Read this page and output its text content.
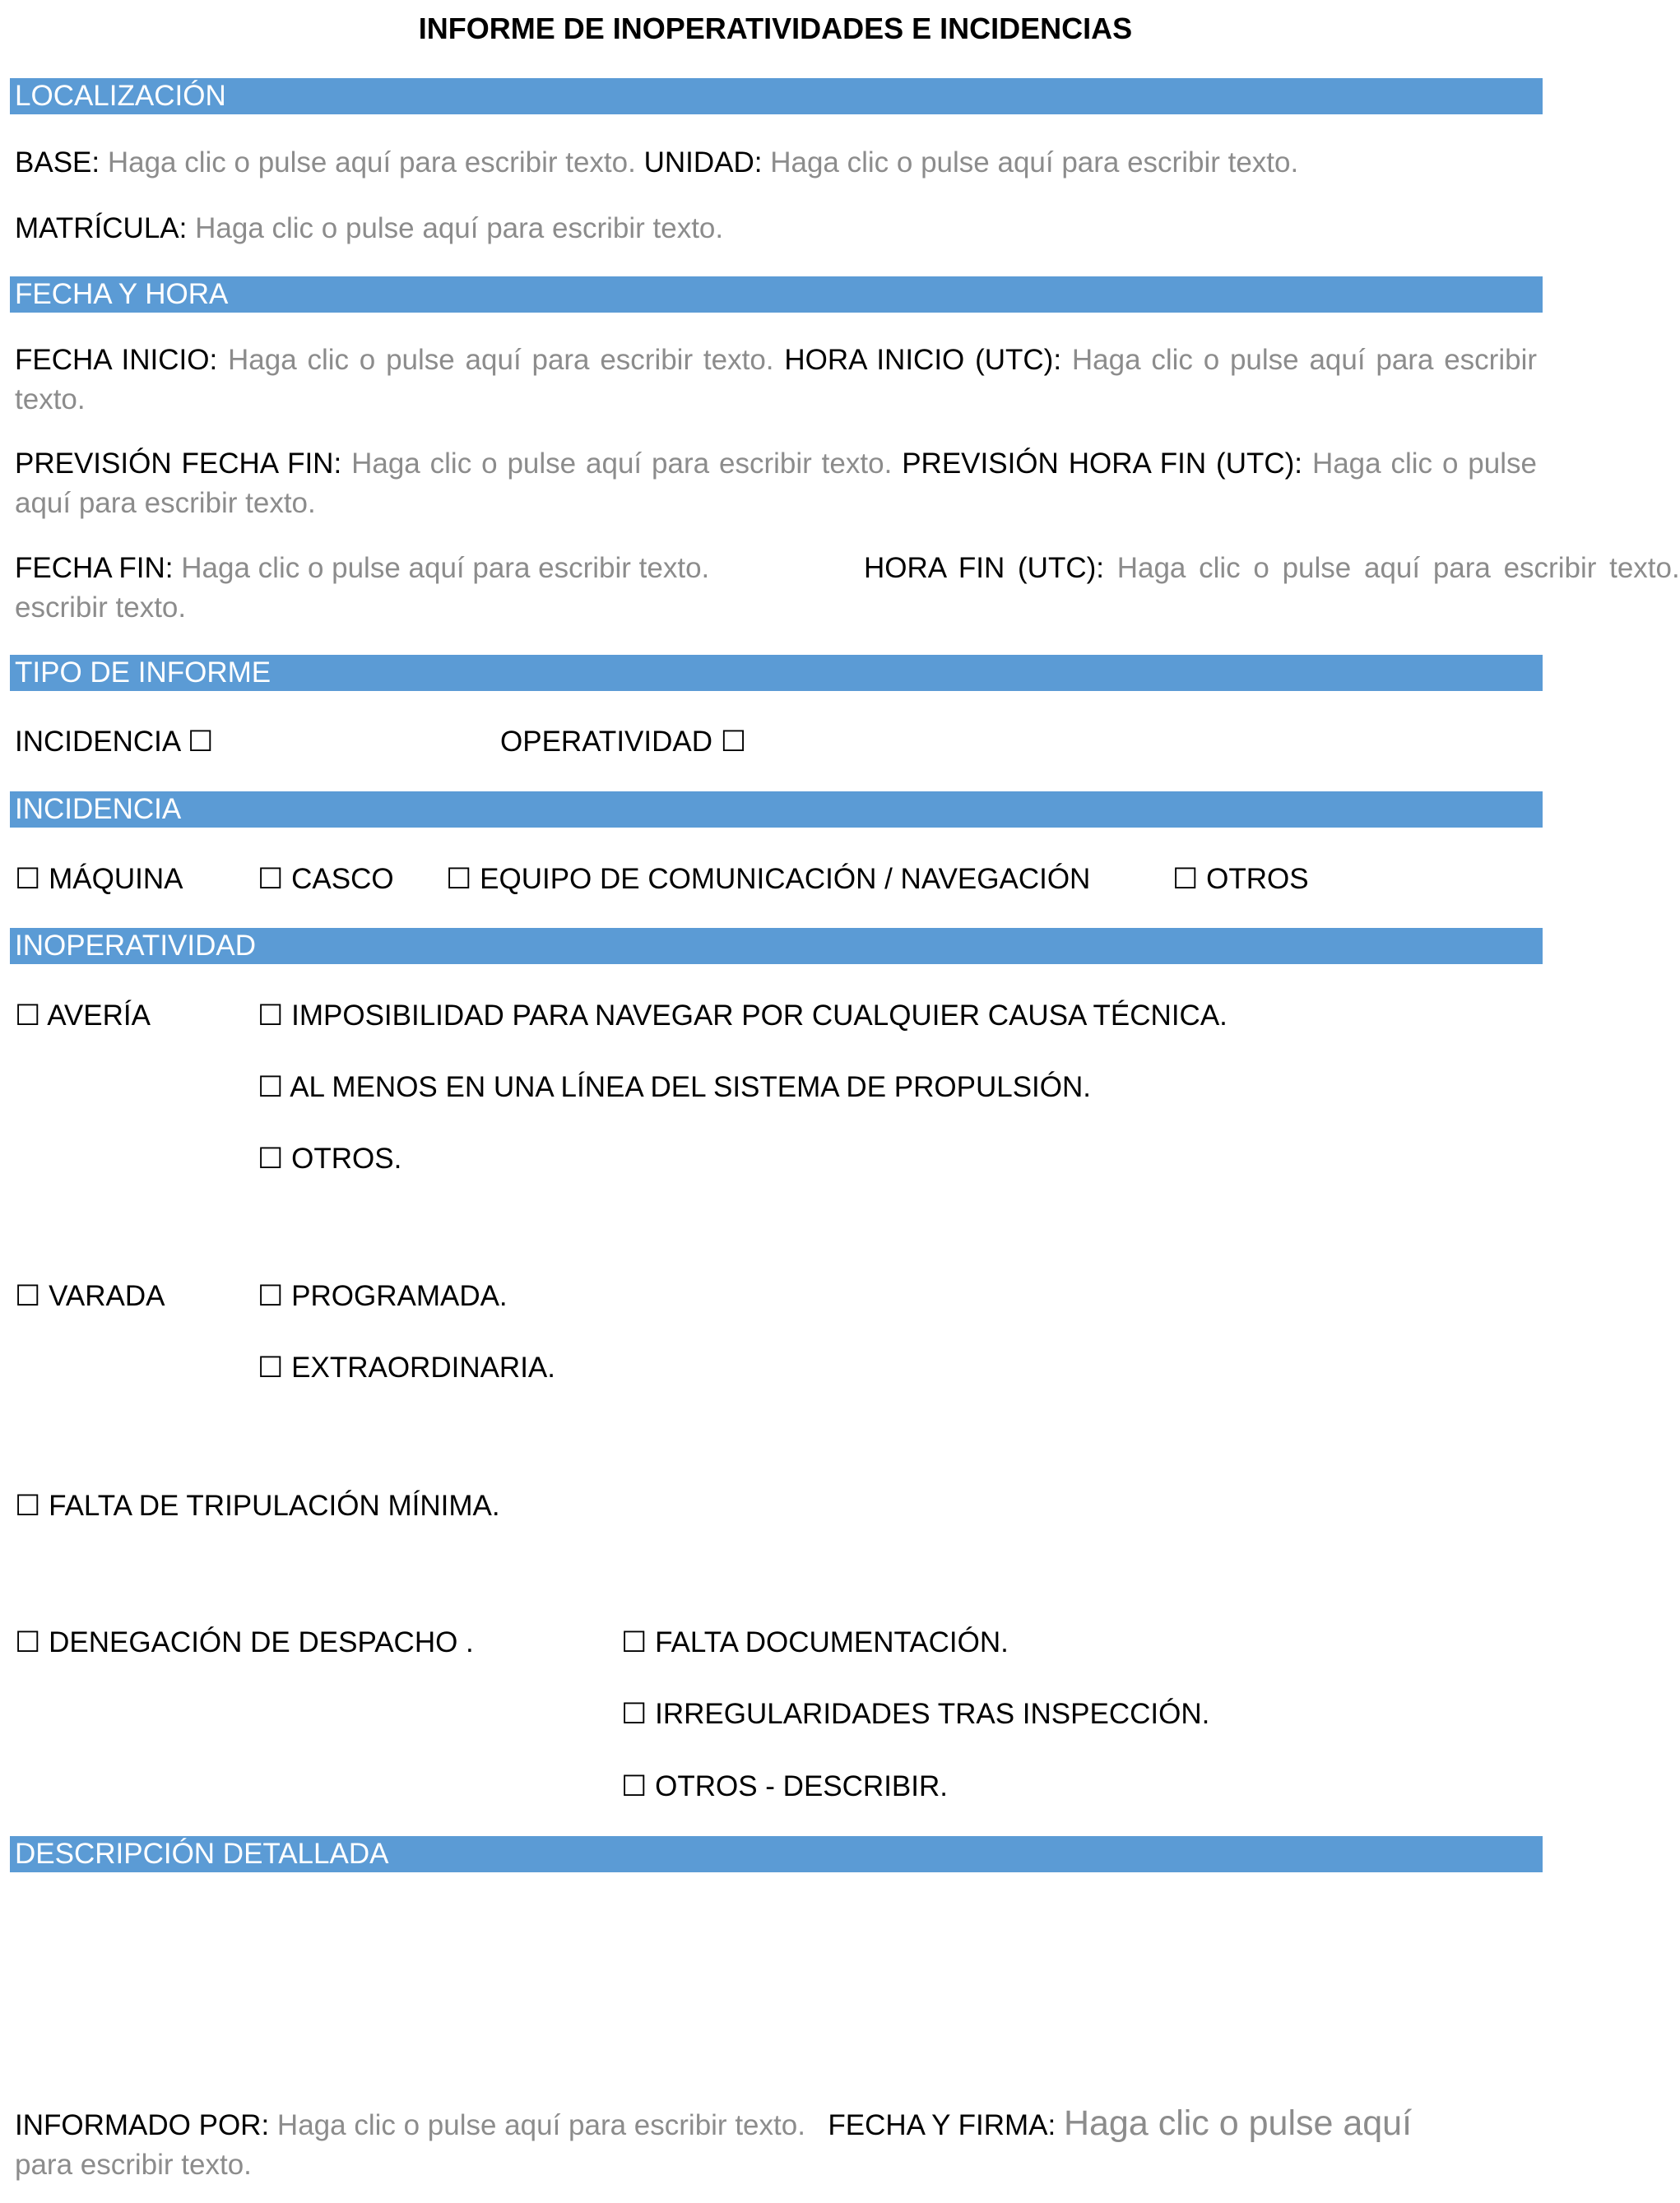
INFORME DE INOPERATIVIDADES E INCIDENCIAS
LOCALIZACIÓN
BASE: Haga clic o pulse aquí para escribir texto. UNIDAD: Haga clic o pulse aquí para escribir texto.
MATRÍCULA: Haga clic o pulse aquí para escribir texto.
FECHA Y HORA
FECHA INICIO: Haga clic o pulse aquí para escribir texto. HORA INICIO (UTC): Haga clic o pulse aquí para escribir texto.
PREVISIÓN FECHA FIN: Haga clic o pulse aquí para escribir texto. PREVISIÓN HORA FIN (UTC): Haga clic o pulse aquí para escribir texto.
FECHA FIN: Haga clic o pulse aquí para escribir texto.	HORA FIN (UTC): Haga clic o pulse aquí para escribir texto.
escribir texto.
TIPO DE INFORME
INCIDENCIA ☐	OPERATIVIDAD ☐
INCIDENCIA
☐ MÁQUINA	☐ CASCO ☐ EQUIPO DE COMUNICACIÓN / NAVEGACIÓN	☐ OTROS
INOPERATIVIDAD
☐ AVERÍA	☐ IMPOSIBILIDAD PARA NAVEGAR POR CUALQUIER CAUSA TÉCNICA.
☐ AL MENOS EN UNA LÍNEA DEL SISTEMA DE PROPULSIÓN.
☐ OTROS.
☐ VARADA	☐ PROGRAMADA.
☐ EXTRAORDINARIA.
☐ FALTA DE TRIPULACIÓN MÍNIMA.
☐ DENEGACIÓN DE DESPACHO .	☐ FALTA DOCUMENTACIÓN.
☐ IRREGULARIDADES TRAS INSPECCIÓN.
☐ OTROS - DESCRIBIR.
DESCRIPCIÓN DETALLADA
INFORMADO POR: Haga clic o pulse aquí para escribir texto. FECHA Y FIRMA: Haga clic o pulse aquí
para escribir texto.
